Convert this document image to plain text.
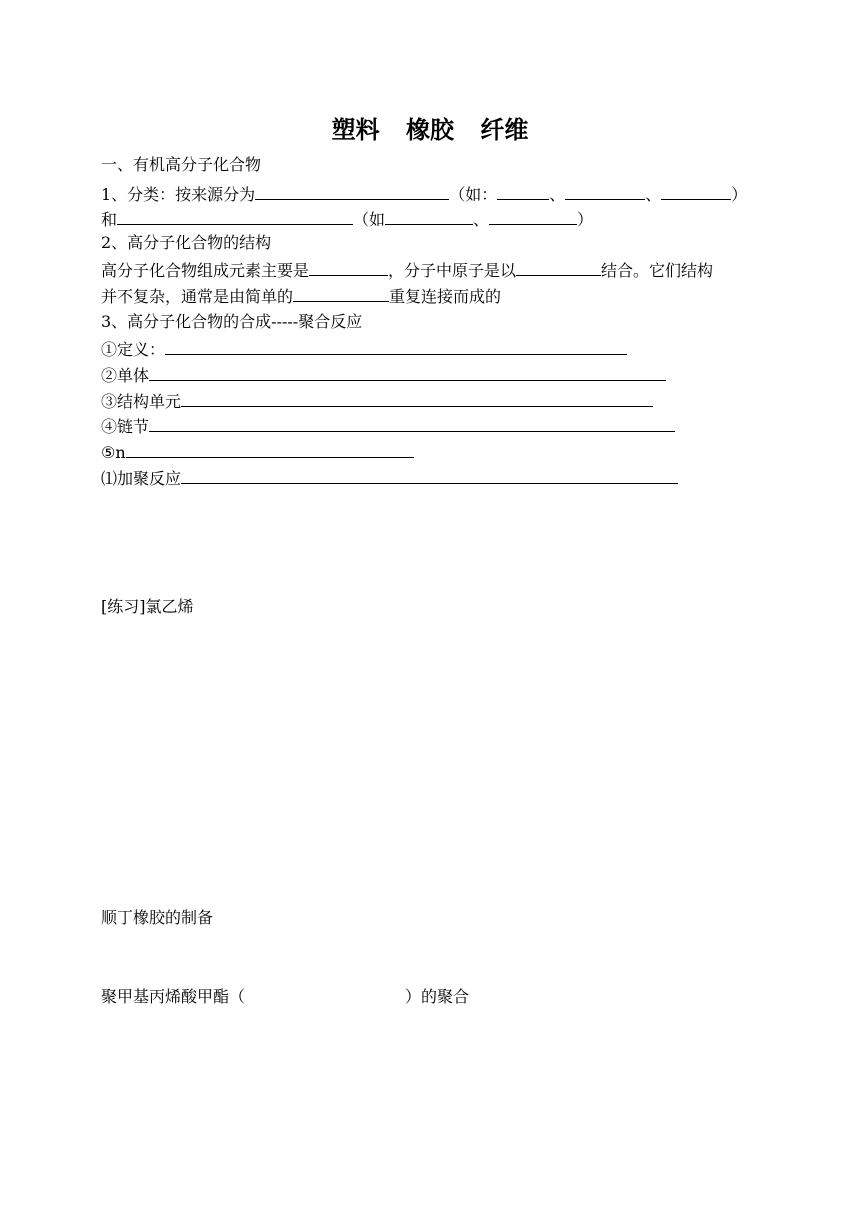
塑料 橡胶 纤维
一、有机高分子化合物
1、分类：按来源分为	（如：	、	、	）
和	（如	、	）
2、高分子化合物的结构
高分子化合物组成元素主要是	，分子中原子是以	结合。它们结构
并不复杂，通常是由简单的	重复连接而成的
3、高分子化合物的合成-----聚合反应
①定义：
②单体
③结构单元
④链节
⑤n
⑴加聚反应
[练习]氯乙烯
顺丁橡胶的制备
聚甲基丙烯酸甲酯（	）的聚合
